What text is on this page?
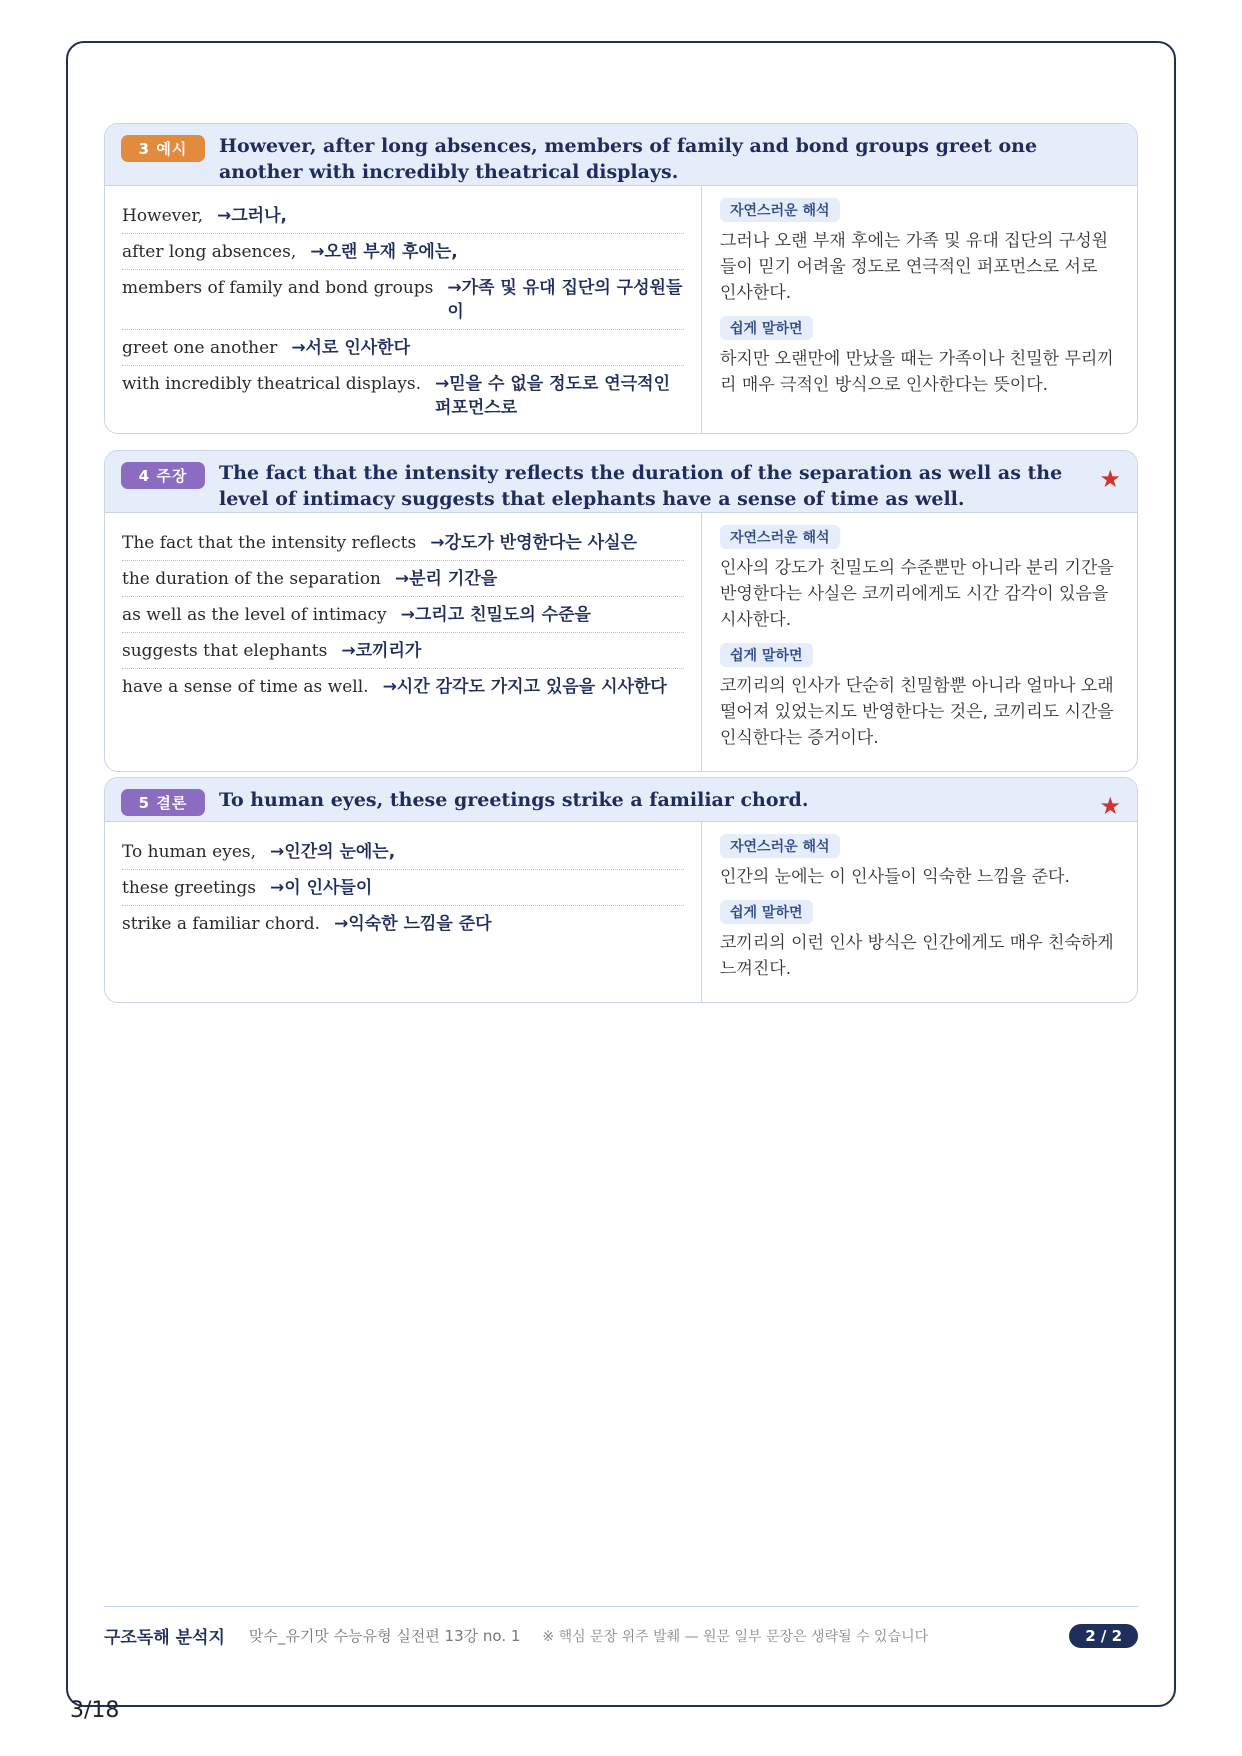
3 예시	However, after long absences, members of family and bond groups greet one another with incredibly theatrical displays.
However, →그러나,
after long absences, →오랜 부재 후에는,
members of family and bond groups →가족 및 유대 집단의 구성원들이
greet one another →서로 인사한다
with incredibly theatrical displays. →믿을 수 없을 정도로 연극적인 퍼포먼스로
자연스러운 해석

그러나 오랜 부재 후에는 가족 및 유대 집단의 구성원들이 믿기 어려울 정도로 연극적인 퍼포먼스로 서로 인사한다.

쉽게 말하면

하지만 오랜만에 만났을 때는 가족이나 친밀한 무리끼리 매우 극적인 방식으로 인사한다는 뜻이다.

4 주장	The fact that the intensity reflects the duration of the separation as well as the level of intimacy suggests that elephants have a sense of time as well.
★
The fact that the intensity reflects →강도가 반영한다는 사실은
the duration of the separation →분리 기간을
as well as the level of intimacy →그리고 친밀도의 수준을
suggests that elephants →코끼리가
have a sense of time as well. →시간 감각도 가지고 있음을 시사한다
자연스러운 해석

인사의 강도가 친밀도의 수준뿐만 아니라 분리 기간을 반영한다는 사실은 코끼리에게도 시간 감각이 있음을 시사한다.

쉽게 말하면

코끼리의 인사가 단순히 친밀함뿐 아니라 얼마나 오래 떨어져 있었는지도 반영한다는 것은, 코끼리도 시간을 인식한다는 증거이다.

5 결론	To human eyes, these greetings strike a familiar chord.	★
To human eyes, →인간의 눈에는,
these greetings →이 인사들이
strike a familiar chord. →익숙한 느낌을 준다
자연스러운 해석

인간의 눈에는 이 인사들이 익숙한 느낌을 준다.

쉽게 말하면

코끼리의 이런 인사 방식은 인간에게도 매우 친숙하게 느껴진다.

구조독해 분석지 맞수_유기맛 수능유형 실전편 13강 no. 1 ※ 핵심 문장 위주 발췌 — 원문 일부 문장은 생략될 수 있습니다	2 / 2
3/18
